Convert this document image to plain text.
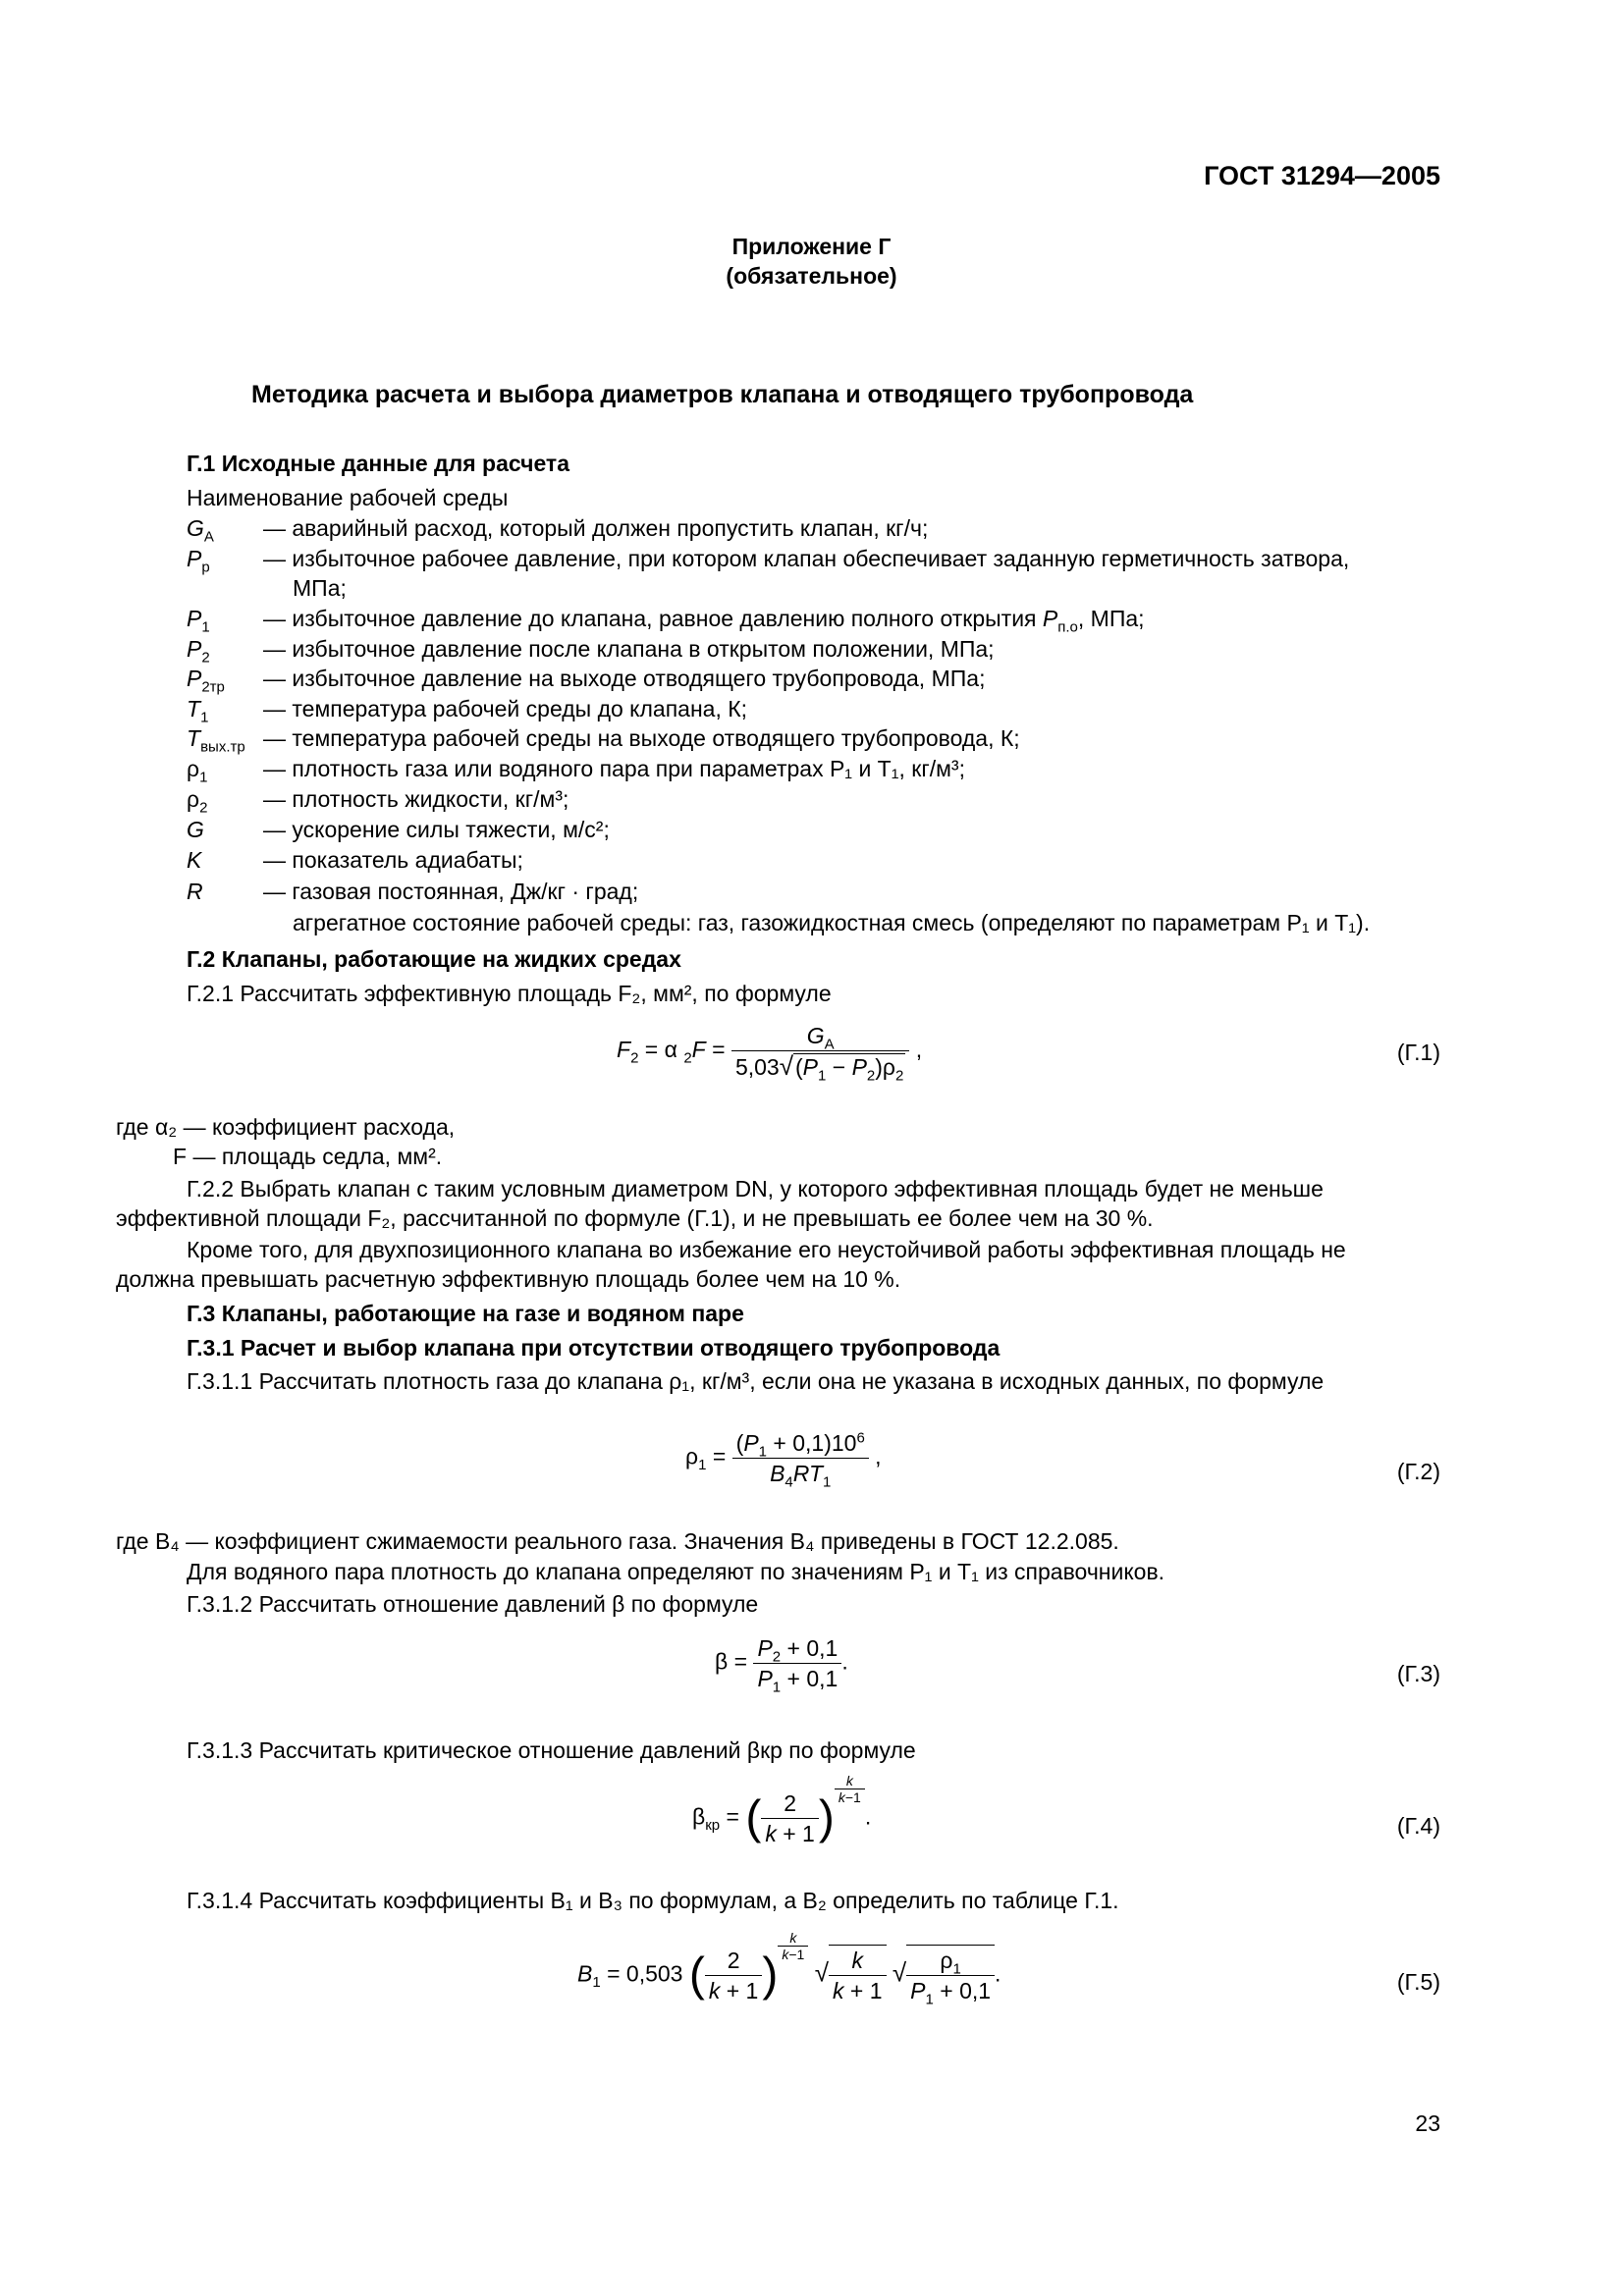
ГОСТ 31294—2005
Приложение Г
(обязательное)
Методика расчета и выбора диаметров клапана и отводящего трубопровода
Г.1 Исходные данные для расчета
Наименование рабочей среды
$G_А$ — аварийный расход, который должен пропустить клапан, кг/ч;
$P_р$ — избыточное рабочее давление, при котором клапан обеспечивает заданную герметичность затвора,
МПа;
$P_1$ — избыточное давление до клапана, равное давлению полного открытия $P_{п.о}$, МПа;
$P_2$ — избыточное давление после клапана в открытом положении, МПа;
$P_{2тр}$ — избыточное давление на выходе отводящего трубопровода, МПа;
$T_1$ — температура рабочей среды до клапана, К;
$T_{вых.тр}$ — температура рабочей среды на выходе отводящего трубопровода, К;
$\rho_1$ — плотность газа или водяного пара при параметрах P₁ и T₁, кг/м³;
$\rho_2$ — плотность жидкости, кг/м³;
G	— ускорение силы тяжести, м/с²;
K	— показатель адиабаты;
R	— газовая постоянная, Дж/кг · град;
агрегатное состояние рабочей среды: газ, газожидкостная смесь (определяют по параметрам P₁ и T₁).
Г.2 Клапаны, работающие на жидких средах
Г.2.1 Рассчитать эффективную площадь F₂, мм², по формуле
$F_2 = \alpha$ $_2F = \frac{G_A}{5,03√(P_1 - P_2)\rho_2}$ ,	(Г.1)
где α₂ — коэффициент расхода,
F — площадь седла, мм².
Г.2.2 Выбрать клапан с таким условным диаметром DN, у которого эффективная площадь будет не меньше
эффективной площади F₂, рассчитанной по формуле (Г.1), и не превышать ее более чем на 30 %.
Кроме того, для двухпозиционного клапана во избежание его неустойчивой работы эффективная площадь не
должна превышать расчетную эффективную площадь более чем на 10 %.
Г.3 Клапаны, работающие на газе и водяном паре
Г.3.1 Расчет и выбор клапана при отсутствии отводящего трубопровода
Г.3.1.1 Рассчитать плотность газа до клапана ρ₁, кг/м³, если она не указана в исходных данных, по формуле
$\rho_1 = \frac{(P_1 + 0,1)10^6}{B_4RT_1}$ ,
(Г.2)
где B₄ — коэффициент сжимаемости реального газа. Значения B₄ приведены в ГОСТ 12.2.085.
Для водяного пара плотность до клапана определяют по значениям P₁ и T₁ из справочников.
Г.3.1.2 Рассчитать отношение давлений β по формуле
$\beta = \frac{P_2 + 0,1}{P_1 + 0,1}$ .	(Г.3)
Г.3.1.3 Рассчитать критическое отношение давлений βкр по формуле
$\beta_{кр}$ = ( $\frac{2}{k + 1}$ )
$^{\frac{k}{k-1}}$
.	(Г.4)
Г.3.1.4 Рассчитать коэффициенты B₁ и B₃ по формулам, а B₂ определить по таблице Г.1.
$B_1 = 0,503$ ( $\frac{2}{k + 1}$ )
$^{\frac{k}{k-1}}$
√ $\frac{k}{k + 1}$ √ $\frac{\rho_1}{P_1 + 0,1}$ .	(Г.5)
23
